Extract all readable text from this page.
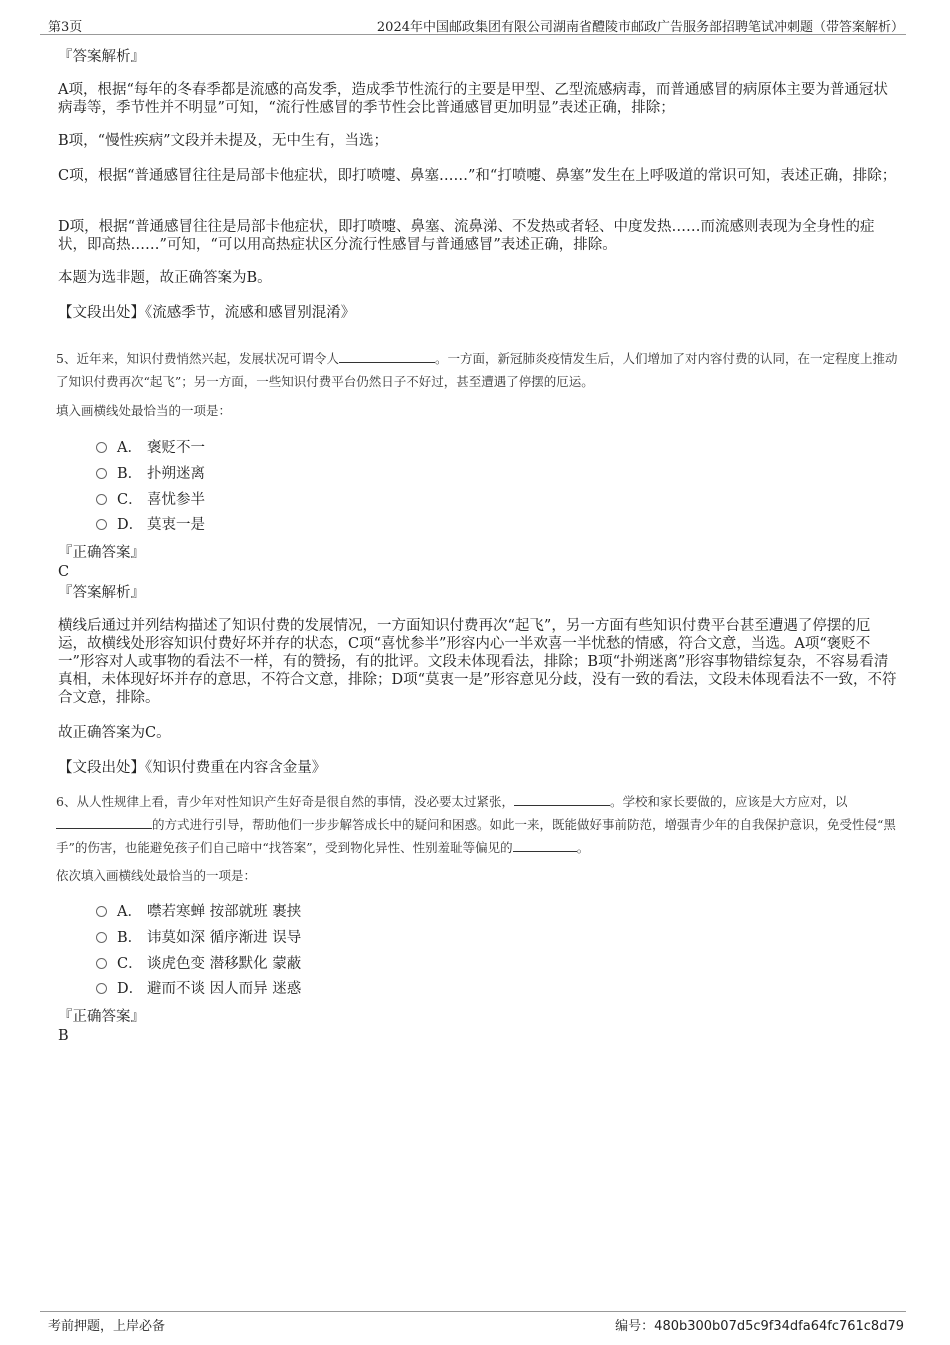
第3页	2024年中国邮政集团有限公司湖南省醴陵市邮政广告服务部招聘笔试冲刺题（带答案解析）

『答案解析』

A项，根据“每年的冬春季都是流感的高发季，造成季节性流行的主要是甲型、乙型流感病毒，而普通感冒的病原体主要为普通冠状病毒等，季节性并不明显”可知，“流行性感冒的季节性会比普通感冒更加明显”表述正确，排除；

B项，“慢性疾病”文段并未提及，无中生有，当选；

C项，根据“普通感冒往往是局部卡他症状，即打喷嚏、鼻塞……”和“打喷嚏、鼻塞”发生在上呼吸道的常识可知，表述正确，排除；

D项，根据“普通感冒往往是局部卡他症状，即打喷嚏、鼻塞、流鼻涕、不发热或者轻、中度发热……而流感则表现为全身性的症状，即高热……”可知，“可以用高热症状区分流行性感冒与普通感冒”表述正确，排除。

本题为选非题，故正确答案为B。

【文段出处】《流感季节，流感和感冒别混淆》

5、近年来，知识付费悄然兴起，发展状况可谓令人	。一方面，新冠肺炎疫情发生后，人们增加了对内容付费的认同，在一定程度上推动了知识付费再次“起飞”；另一方面，一些知识付费平台仍然日子不好过，甚至遭遇了停摆的厄运。

填入画横线处最恰当的一项是：

A． 褒贬不一
B． 扑朔迷离
C． 喜忧参半
D． 莫衷一是

『正确答案』

C

『答案解析』

横线后通过并列结构描述了知识付费的发展情况，一方面知识付费再次“起飞”，另一方面有些知识付费平台甚至遭遇了停摆的厄运，故横线处形容知识付费好坏并存的状态，C项“喜忧参半”形容内心一半欢喜一半忧愁的情感，符合文意，当选。A项“褒贬不一”形容对人或事物的看法不一样，有的赞扬，有的批评。文段未体现看法，排除；B项“扑朔迷离”形容事物错综复杂，不容易看清真相，未体现好坏并存的意思，不符合文意，排除；D项“莫衷一是”形容意见分歧，没有一致的看法，文段未体现看法不一致，不符合文意，排除。

故正确答案为C。

【文段出处】《知识付费重在内容含金量》

6、从人性规律上看，青少年对性知识产生好奇是很自然的事情，没必要太过紧张，	。学校和家长要做的，应该是大方应对，以的方式进行引导，帮助他们一步步解答成长中的疑问和困惑。如此一来，既能做好事前防范，增强青少年的自我保护意识，免受性侵“黑手”的伤害，也能避免孩子们自己暗中“找答案”，受到物化异性、性别羞耻等偏见的	。

依次填入画横线处最恰当的一项是：

A． 噤若寒蝉 按部就班 裹挟
B． 讳莫如深 循序渐进 误导
C． 谈虎色变 潜移默化 蒙蔽
D． 避而不谈 因人而异 迷惑

『正确答案』

B

考前押题，上岸必备	编号：480b300b07d5c9f34dfa64fc761c8d79
